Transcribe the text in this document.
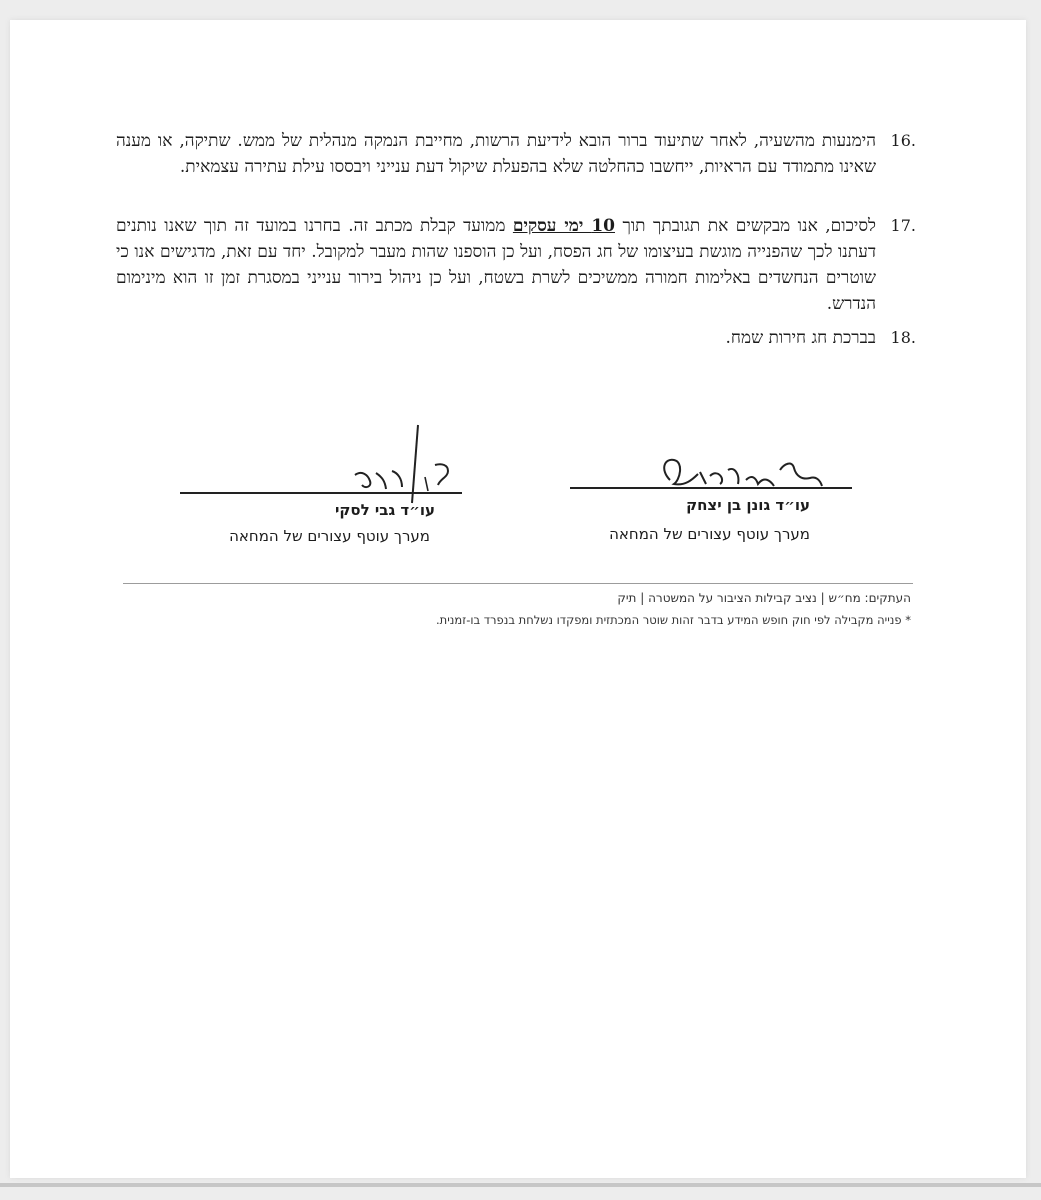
16.
הימנעות מהשעיה, לאחר שתיעוד ברור הובא לידיעת הרשות, מחייבת הנמקה מנהלית של ממש. שתיקה, או מענה שאינו מתמודד עם הראיות, ייחשבו כהחלטה שלא בהפעלת שיקול דעת ענייני ויבססו עילת עתירה עצמאית.
17.
לסיכום, אנו מבקשים את תגובתך תוך 10 ימי עסקים ממועד קבלת מכתב זה. בחרנו במועד זה תוך שאנו נותנים דעתנו לכך שהפנייה מוגשת בעיצומו של חג הפסח, ועל כן הוספנו שהות מעבר למקובל. יחד עם זאת, מדגישים אנו כי שוטרים הנחשדים באלימות חמורה ממשיכים לשרת בשטח, ועל כן ניהול בירור ענייני במסגרת זמן זו הוא מינימום הנדרש.
18.
בברכת חג חירות שמח.
עו״ד גבי לסקי
מערך עוטף עצורים של המחאה
עו״ד גונן בן יצחק
מערך עוטף עצורים של המחאה
העתקים: מח״ש | נציב קבילות הציבור על המשטרה | תיק
* פנייה מקבילה לפי חוק חופש המידע בדבר זהות שוטר המכתזית ומפקדו נשלחת בנפרד בו-זמנית.
